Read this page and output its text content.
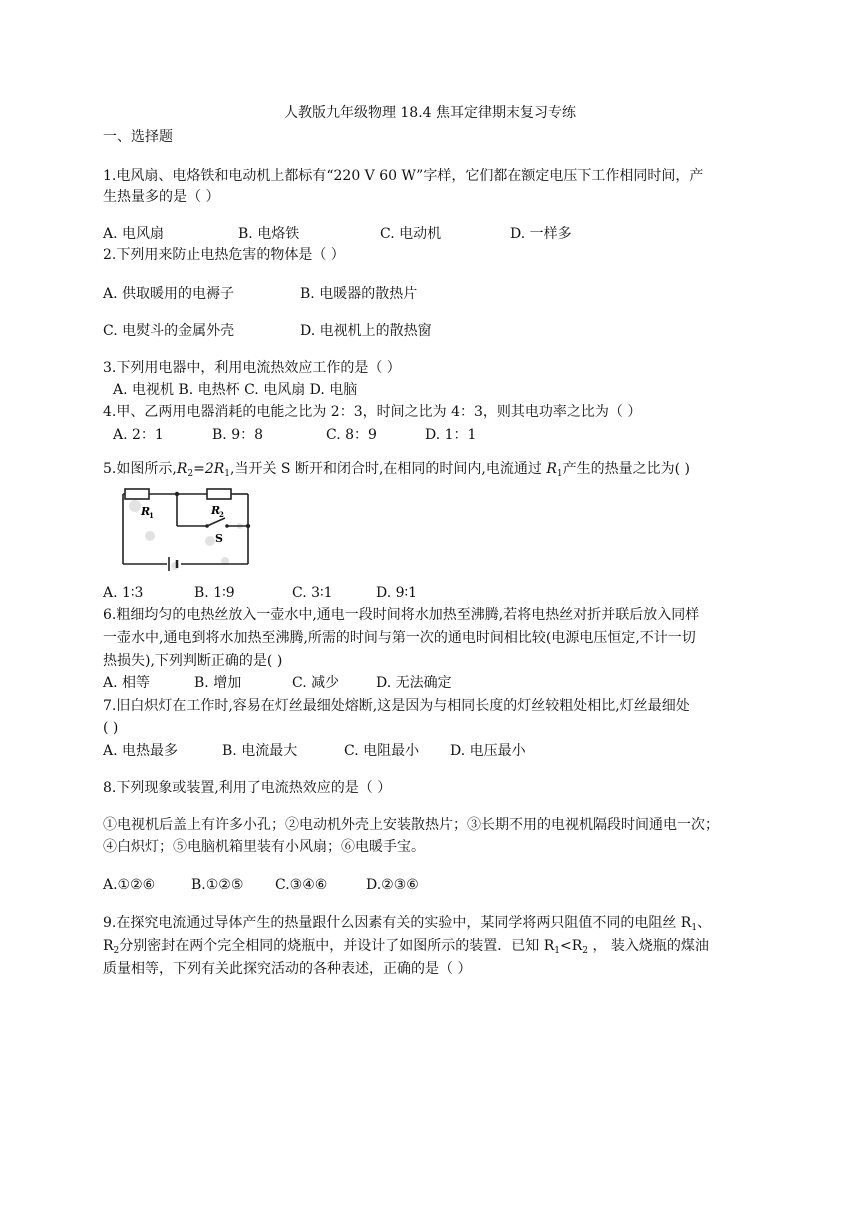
人教版九年级物理 18.4 焦耳定律期末复习专练
一、选择题
1.电风扇、电烙铁和电动机上都标有“220 V 60 W”字样，它们都在额定电压下工作相同时间，产
生热量多的是（ ）
A. 电风扇	B. 电烙铁	C. 电动机	D. 一样多
2.下列用来防止电热危害的物体是（ ）
A. 供取暖用的电褥子	B. 电暖器的散热片
C. 电熨斗的金属外壳	D. 电视机上的散热窗
3.下列用电器中，利用电流热效应工作的是（ ）
A. 电视机 B. 电热杯 C. 电风扇 D. 电脑
4.甲、乙两用电器消耗的电能之比为 2：3，时间之比为 4：3，则其电功率之比为（ ）
A. 2：1	B. 9：8	C. 8：9	D. 1：1
5.如图所示$,R_2=2R_1$,当开关 S 断开和闭合时,在相同的时间内,电流通过 $R_1$产生的热量之比为( )
R
1	R
2
S
A. 1∶3	B. 1∶9	C. 3∶1	D. 9∶1
6.粗细均匀的电热丝放入一壶水中,通电一段时间将水加热至沸腾,若将电热丝对折并联后放入同样
一壶水中,通电到将水加热至沸腾,所需的时间与第一次的通电时间相比较(电源电压恒定,不计一切
热损失),下列判断正确的是( )
A. 相等	B. 增加	C. 减少	D. 无法确定
7.旧白炽灯在工作时,容易在灯丝最细处熔断,这是因为与相同长度的灯丝较粗处相比,灯丝最细处
( )
A. 电热最多	B. 电流最大	C. 电阻最小 D. 电压最小
8.下列现象或装置,利用了电流热效应的是（ ）
①电视机后盖上有许多小孔；②电动机外壳上安装散热片；③长期不用的电视机隔段时间通电一次；
④白炽灯；⑤电脑机箱里装有小风扇；⑥电暖手宝。
A.①②⑥	B.①②⑤ C.③④⑥	D.②③⑥
9.在探究电流通过导体产生的热量跟什么因素有关的实验中，某同学将两只阻值不同的电阻丝 $R_1$、
$R_2$分别密封在两个完全相同的烧瓶中，并设计了如图所示的装置．已知 $R_1<R_2$ ， 装入烧瓶的煤油
质量相等，下列有关此探究活动的各种表述，正确的是（ ）
